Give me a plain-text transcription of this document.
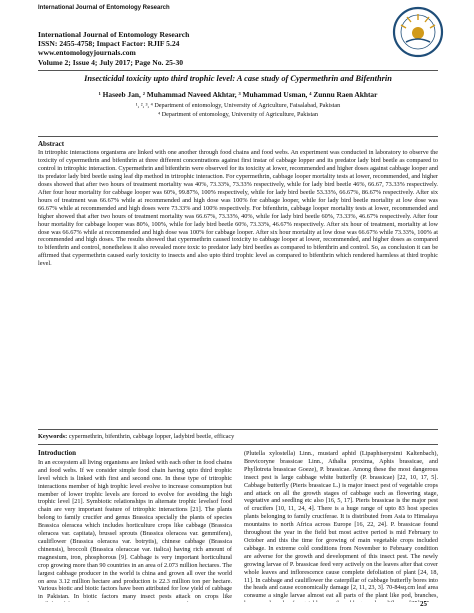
International Journal of Entomology Research
International Journal of Entomology Research
ISSN: 2455-4758; Impact Factor: RJIF 5.24
www.entomologyjournals.com
Volume 2; Issue 4; July 2017; Page No. 25-30
Insecticidal toxicity upto third trophic level: A case study of Cypermethrin and Bifenthrin
¹ Haseeb Jan, ² Muhammad Naveed Akhtar, ³ Muhammad Usman, ⁴ Zunnu Raen Akhtar
¹, ², ³, ⁴ Department of entomology, University of Agriculture, Faisalabad, Pakistan
⁴ Department of entomology, University of Agriculture, Pakistan
Abstract
In tritrophic interactions organisms are linked with one another through food chains and food webs. An experiment was conducted in laboratory to observe the toxicity of cypermethrin and bifenthrin at three different concentrations against first instar of cabbage lopper and its predator lady bird beetle as compared to control in tritrophic interaction. Cypermethrin and bifenthrin were observed for its toxicity at lower, recommended and higher doses against cabbage looper and its predator lady bird beetle using leaf dip method in tritrophic interaction. For cypermethrin, cabbage looper mortality tests at lower, recommended, and higher doses showed that after two hours of treatment mortality was 40%, 73.33%, 73.33% respectively, while for lady bird beetle 46%, 66.67, 73.33% respectively. After four hour mortality for cabbage looper was 60%, 99.87%, 100% respectively, while for lady bird beetle 53.33%, 66.67%, 86.67% respectively. After six hours of treatment was 66.67% while at recommended and high dose was 100% for cabbage looper, while for lady bird beetle mortality at low dose was 66.67% while at recommended and high doses were 73.33% and 100% respectively. For bifenthrin, cabbage looper mortality tests at lower, recommended and higher showed that after two hours of treatment mortality was 66.67%, 73.33%, 40%, while for lady bird beetle 60%, 73.33%, 46.67% respectively. After four hour mortality for cabbage looper was 80%, 100%, while for lady bird beetle 60%, 73.33%, 46.67% respectively. After six hour of treatment, mortality at low dose was 66.67% while at recommended and high dose was 100% for cabbage looper. After six hour mortality at low dose was 66.67% while 73.33%, 100% at recommended and high doses. The results showed that cypermethrin caused toxicity to cabbage looper at lower, recommended, and higher doses as compared to bifenthrin and control, nonetheless it also revealed more toxic to predator lady bird beetles as compared to bifenthrin and control. So, as conclusion it can be affirmed that cypermethrin caused early toxicity to insects and also upto third trophic level as compared to bifenthrin which rendered harmless at third trophic level.
Keywords: cypermethrin, bifenthrin, cabbage lopper, ladybird beetle, efficacy
Introduction
In an ecosystem all living organisms are linked with each other in food chains and food webs. If we consider simple food chain having upto third trophic level which is linked with first and second one. In these type of tritrophic interactions member of high trophic level evolve to increase consumption but member of lower trophic levels are forced to evolve for avoiding the high trophic level [21]. Symbiotic relationships in alternate trophic levelsof food chain are very important feature of tritrophic interactions [21]. The plants belong to family crucifer and genus Brassica specially the plants of species Brassica oleracea which includes horticulture crops like cabbage (Brassica oleracea var. capitata), brussel sprouts (Brassica oleracea var. gemmifera), cauliflower (Brassica oleracea var. botrytis), chinese cabbage (Brassica chinensis), broccoli (Brassica oleraccae var. italica) having rich amount of magnesium, iron, phosphorous [9]. Cabbage is very important horticultural crop growing more than 90 countries in an area of 2.073 million hectares. The largest cabbage producer in the world is china and grown all over the world on area 3.12 million hectare and production is 22.3 million ton per hectare. Various biotic and biotic factors have been attributed for low yield of cabbage in Pakistan. In biotic factors many insect pests attack on crops like
(Plutella xylostella) Linn., mustard aphid (Lipaphiserysimi Kaltenbach), Brevicoryne brassicae Linn., Athalia proxima, Aphis brassicae, and Phyllotreta brassicae Goeze), P. brassicae. Among these the most dangerous insect pest is large cabbage white butterfly (P. brassicae) [22, 10, 17, 5]. Cabbage butterfly (Pieris brassicae L.) is major insect pest of vegetable crops and attack on all the growth stages of cabbage such as flowering stage, vegetative and seedling etc also [16, 5, 17]. Pieris brassicae is the major pest of crucifers [10, 11, 24, 4]. There is a huge range of upto 83 host species plants belonging to family cruciferae. It is distributed from Asia to Himalaya mountains to north Africa across Europe [16, 22, 24]. P. brassicae found throughout the year in the field but most active period is mid February to October and this the time for growing of main vegetable crops included cabbage. In extreme cold conditions from November to February condition are adverse for the growth and development of this insect pest. The newly growing larvae of P. brassicae feed very actively on the leaves after that cover whole leaves and inflorescence cause complete defoliation of plant [24, 18, 11]. In cabbage and cauliflower the caterpillar of cabbage butterfly bores into the heads and cause economically damage [2, 11, 23, 3]. 70-84sq.cm leaf area consume a single larvae almost eat all parts of the plant like pod, branches,
25
